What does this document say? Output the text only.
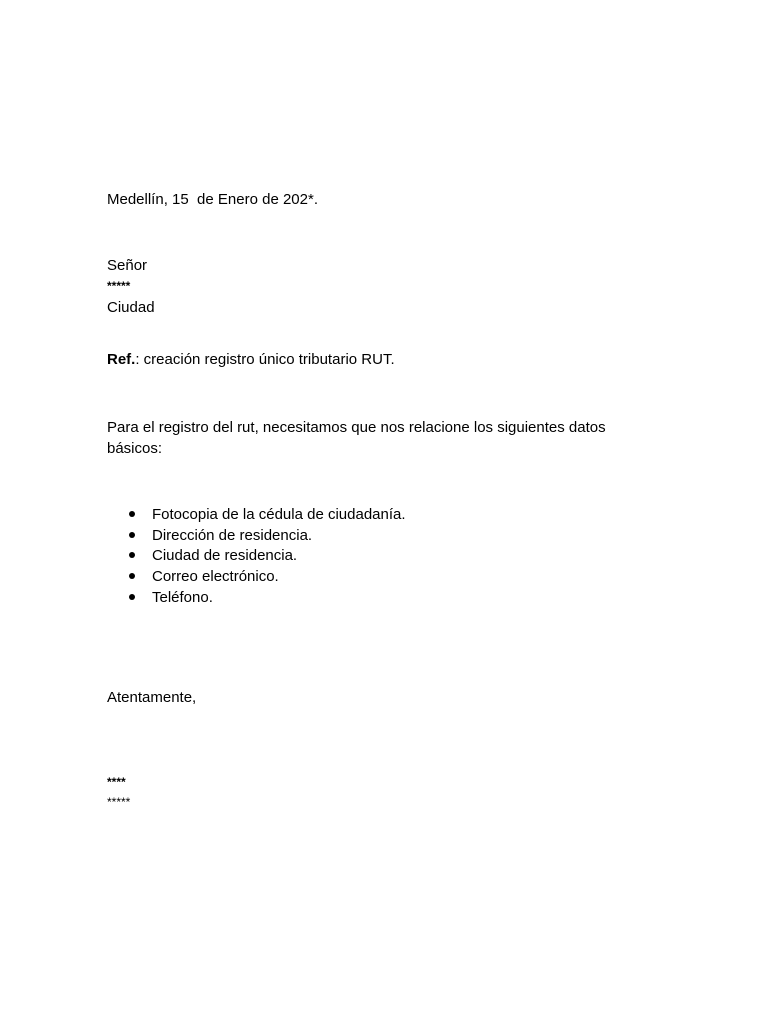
Medellín, 15  de Enero de 202*.

Señor

*****

Ciudad

Ref.: creación registro único tributario RUT.

Para el registro del rut, necesitamos que nos relacione los siguientes datos básicos:

Fotocopia de la cédula de ciudadanía.
Dirección de residencia.
Ciudad de residencia.
Correo electrónico.
Teléfono.

Atentamente,

****

*****
